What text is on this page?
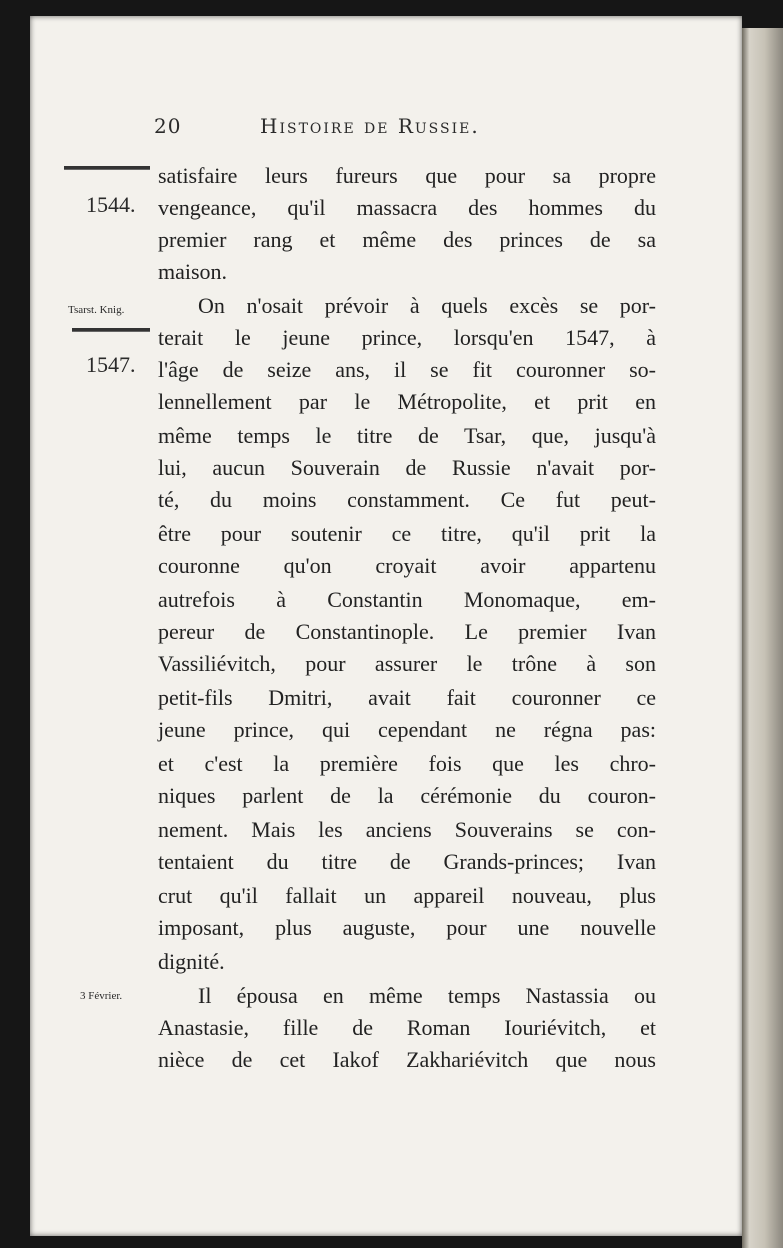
20	Histoire de Russie.
1544.
Tsarst. Knig.
1547.
3 Février.
satisfaire leurs fureurs que pour sa propre
vengeance, qu'il massacra des hommes du
premier rang et même des princes de sa
maison.
On n'osait prévoir à quels excès se por-
terait le jeune prince, lorsqu'en 1547, à
l'âge de seize ans, il se fit couronner so-
lennellement par le Métropolite, et prit en
même temps le titre de Tsar, que, jusqu'à
lui, aucun Souverain de Russie n'avait por-
té, du moins constamment. Ce fut peut-
être pour soutenir ce titre, qu'il prit la
couronne qu'on croyait avoir appartenu
autrefois à Constantin Monomaque, em-
pereur de Constantinople. Le premier Ivan
Vassiliévitch, pour assurer le trône à son
petit-fils Dmitri, avait fait couronner ce
jeune prince, qui cependant ne régna pas:
et c'est la première fois que les chro-
niques parlent de la cérémonie du couron-
nement. Mais les anciens Souverains se con-
tentaient du titre de Grands-princes; Ivan
crut qu'il fallait un appareil nouveau, plus
imposant, plus auguste, pour une nouvelle
dignité.
Il épousa en même temps Nastassia ou
Anastasie, fille de Roman Iouriévitch, et
nièce de cet Iakof Zakhariévitch que nous
